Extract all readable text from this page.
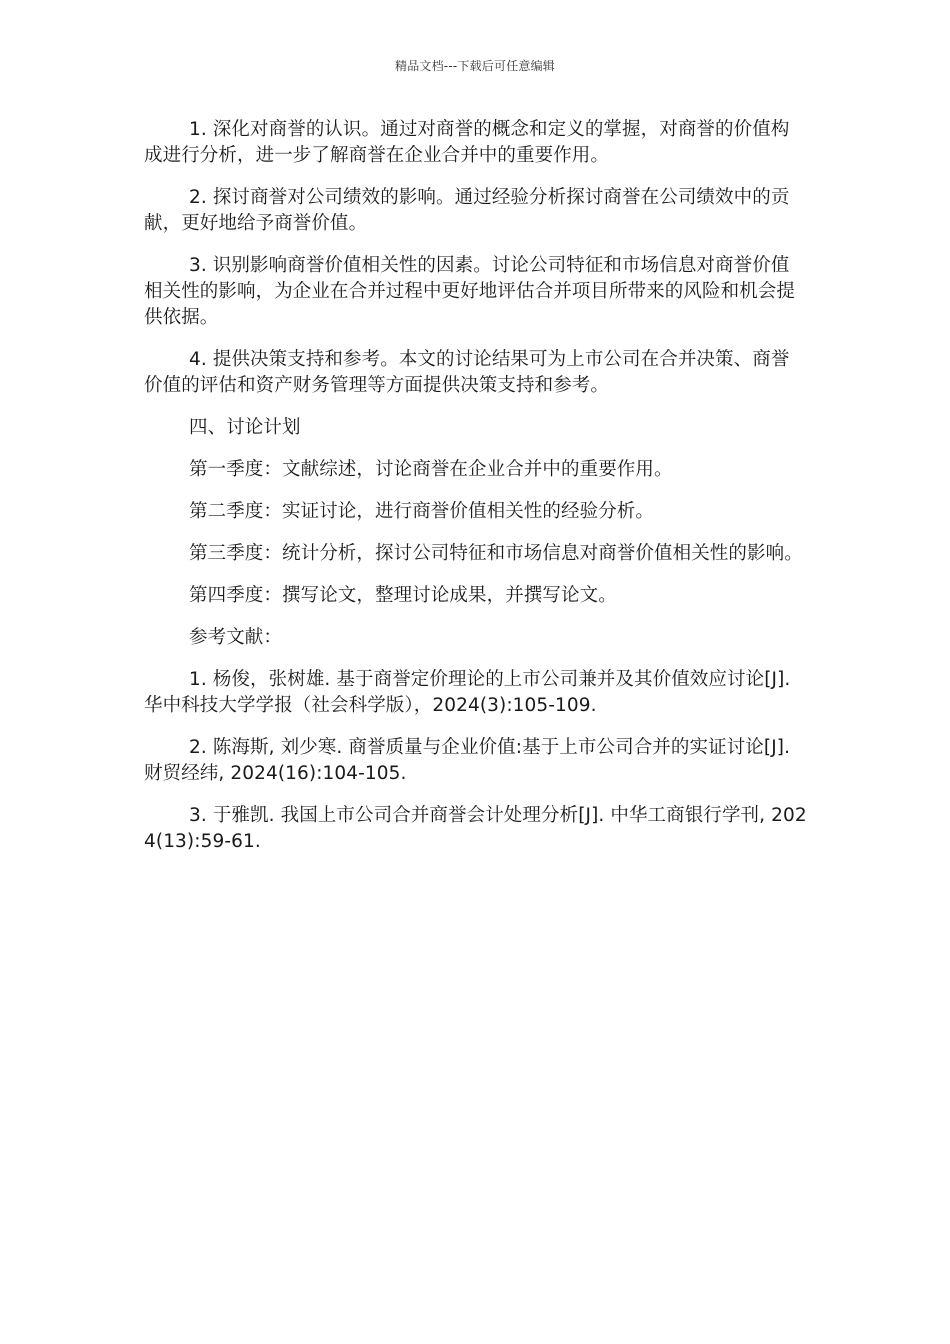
精品文档---下载后可任意编辑

1. 深化对商誉的认识。通过对商誉的概念和定义的掌握，对商誉的价值构成进行分析，进一步了解商誉在企业合并中的重要作用。

2. 探讨商誉对公司绩效的影响。通过经验分析探讨商誉在公司绩效中的贡献，更好地给予商誉价值。

3. 识别影响商誉价值相关性的因素。讨论公司特征和市场信息对商誉价值相关性的影响，为企业在合并过程中更好地评估合并项目所带来的风险和机会提供依据。

4. 提供决策支持和参考。本文的讨论结果可为上市公司在合并决策、商誉价值的评估和资产财务管理等方面提供决策支持和参考。

四、讨论计划

第一季度：文献综述，讨论商誉在企业合并中的重要作用。

第二季度：实证讨论，进行商誉价值相关性的经验分析。

第三季度：统计分析，探讨公司特征和市场信息对商誉价值相关性的影响。

第四季度：撰写论文，整理讨论成果，并撰写论文。

参考文献：

1. 杨俊，张树雄. 基于商誉定价理论的上市公司兼并及其价值效应讨论[J]. 华中科技大学学报（社会科学版），2024(3):105-109.

2. 陈海斯, 刘少寒. 商誉质量与企业价值:基于上市公司合并的实证讨论[J]. 财贸经纬, 2024(16):104-105.

3. 于雅凯. 我国上市公司合并商誉会计处理分析[J]. 中华工商银行学刊, 2024(13):59-61.
